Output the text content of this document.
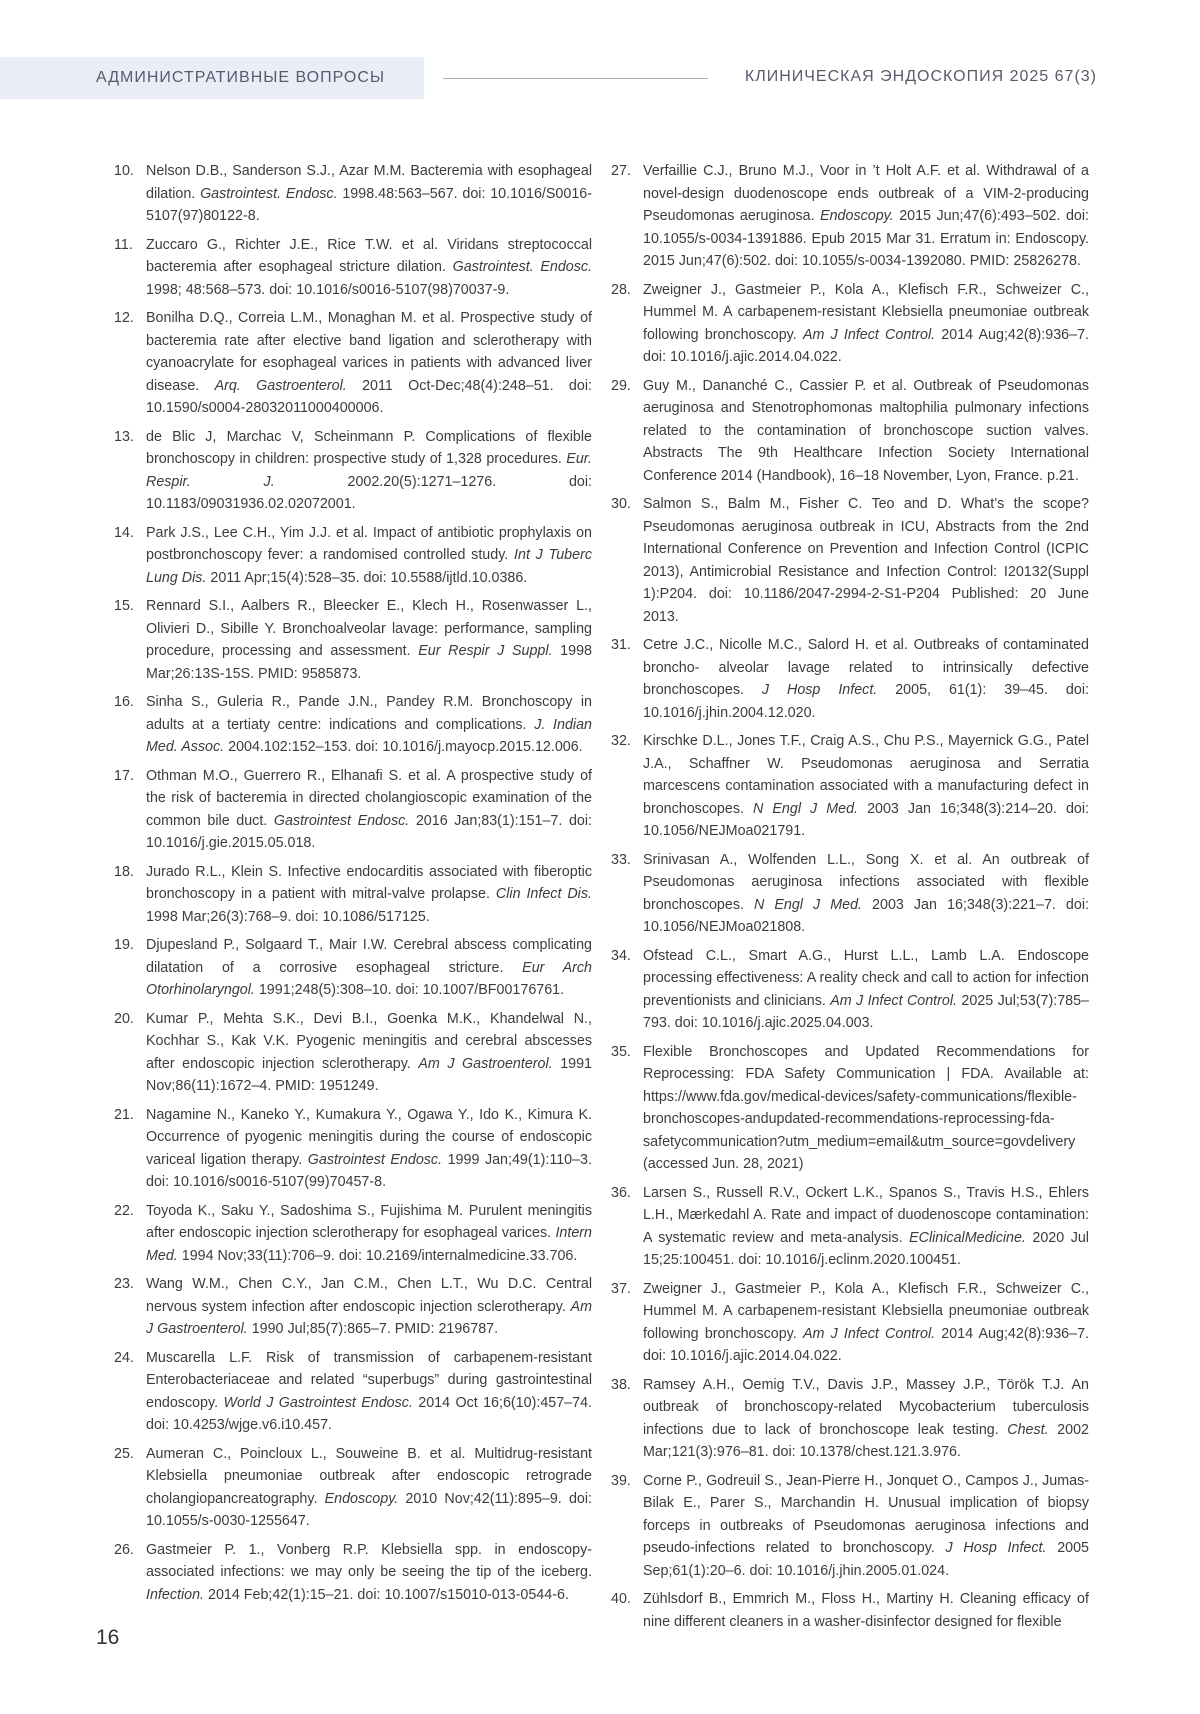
АДМИНИСТРАТИВНЫЕ ВОПРОСЫ	КЛИНИЧЕСКАЯ ЭНДОСКОПИЯ 2025 67(3)
10. Nelson D.B., Sanderson S.J., Azar M.M. Bacteremia with esophageal dilation. Gastrointest. Endosc. 1998.48:563–567. doi: 10.1016/S0016-5107(97)80122-8.
11. Zuccaro G., Richter J.E., Rice T.W. et al. Viridans streptococcal bacteremia after esophageal stricture dilation. Gastrointest. Endosc. 1998; 48:568–573. doi: 10.1016/s0016-5107(98)70037-9.
12. Bonilha D.Q., Correia L.M., Monaghan M. et al. Prospective study of bacteremia rate after elective band ligation and sclerotherapy with cyanoacrylate for esophageal varices in patients with advanced liver disease. Arq. Gastroenterol. 2011 Oct-Dec;48(4):248–51. doi: 10.1590/s0004-28032011000400006.
13. de Blic J, Marchac V, Scheinmann P. Complications of flexible bronchoscopy in children: prospective study of 1,328 procedures. Eur. Respir. J. 2002.20(5):1271–1276. doi: 10.1183/09031936.02.02072001.
14. Park J.S., Lee C.H., Yim J.J. et al. Impact of antibiotic prophylaxis on postbronchoscopy fever: a randomised controlled study. Int J Tuberc Lung Dis. 2011 Apr;15(4):528–35. doi: 10.5588/ijtld.10.0386.
15. Rennard S.I., Aalbers R., Bleecker E., Klech H., Rosenwasser L., Olivieri D., Sibille Y. Bronchoalveolar lavage: performance, sampling procedure, processing and assessment. Eur Respir J Suppl. 1998 Mar;26:13S-15S. PMID: 9585873.
16. Sinha S., Guleria R., Pande J.N., Pandey R.M. Bronchoscopy in adults at a tertiaty centre: indications and complications. J. Indian Med. Assoc. 2004.102:152–153. doi: 10.1016/j.mayocp.2015.12.006.
17. Othman M.O., Guerrero R., Elhanafi S. et al. A prospective study of the risk of bacteremia in directed cholangioscopic examination of the common bile duct. Gastrointest Endosc. 2016 Jan;83(1):151–7. doi: 10.1016/j.gie.2015.05.018.
18. Jurado R.L., Klein S. Infective endocarditis associated with fiberoptic bronchoscopy in a patient with mitral-valve prolapse. Clin Infect Dis. 1998 Mar;26(3):768–9. doi: 10.1086/517125.
19. Djupesland P., Solgaard T., Mair I.W. Cerebral abscess complicating dilatation of a corrosive esophageal stricture. Eur Arch Otorhinolaryngol. 1991;248(5):308–10. doi: 10.1007/BF00176761.
20. Kumar P., Mehta S.K., Devi B.I., Goenka M.K., Khandelwal N., Kochhar S., Kak V.K. Pyogenic meningitis and cerebral abscesses after endoscopic injection sclerotherapy. Am J Gastroenterol. 1991 Nov;86(11):1672–4. PMID: 1951249.
21. Nagamine N., Kaneko Y., Kumakura Y., Ogawa Y., Ido K., Kimura K. Occurrence of pyogenic meningitis during the course of endoscopic variceal ligation therapy. Gastrointest Endosc. 1999 Jan;49(1):110–3. doi: 10.1016/s0016-5107(99)70457-8.
22. Toyoda K., Saku Y., Sadoshima S., Fujishima M. Purulent meningitis after endoscopic injection sclerotherapy for esophageal varices. Intern Med. 1994 Nov;33(11):706–9. doi: 10.2169/internalmedicine.33.706.
23. Wang W.M., Chen C.Y., Jan C.M., Chen L.T., Wu D.C. Central nervous system infection after endoscopic injection sclerotherapy. Am J Gastroenterol. 1990 Jul;85(7):865–7. PMID: 2196787.
24. Muscarella L.F. Risk of transmission of carbapenem-resistant Enterobacteriaceae and related “superbugs” during gastrointestinal endoscopy. World J Gastrointest Endosc. 2014 Oct 16;6(10):457–74. doi: 10.4253/wjge.v6.i10.457.
25. Aumeran C., Poincloux L., Souweine B. et al. Multidrug-resistant Klebsiella pneumoniae outbreak after endoscopic retrograde cholangiopancreatography. Endoscopy. 2010 Nov;42(11):895–9. doi: 10.1055/s-0030-1255647.
26. Gastmeier P. 1., Vonberg R.P. Klebsiella spp. in endoscopy-associated infections: we may only be seeing the tip of the iceberg. Infection. 2014 Feb;42(1):15–21. doi: 10.1007/s15010-013-0544-6.
27. Verfaillie C.J., Bruno M.J., Voor in ’t Holt A.F. et al. Withdrawal of a novel-design duodenoscope ends outbreak of a VIM-2-producing Pseudomonas aeruginosa. Endoscopy. 2015 Jun;47(6):493–502. doi: 10.1055/s-0034-1391886. Epub 2015 Mar 31. Erratum in: Endoscopy. 2015 Jun;47(6):502. doi: 10.1055/s-0034-1392080. PMID: 25826278.
28. Zweigner J., Gastmeier P., Kola A., Klefisch F.R., Schweizer C., Hummel M. A carbapenem-resistant Klebsiella pneumoniae outbreak following bronchoscopy. Am J Infect Control. 2014 Aug;42(8):936–7. doi: 10.1016/j.ajic.2014.04.022.
29. Guy M., Dananché C., Cassier P. et al. Outbreak of Pseudomonas aeruginosa and Stenotrophomonas maltophilia pulmonary infections related to the contamination of bronchoscope suction valves. Abstracts The 9th Healthcare Infection Society International Conference 2014 (Handbook), 16–18 November, Lyon, France. p.21.
30. Salmon S., Balm M., Fisher C. Teo and D. What’s the scope? Pseudomonas aeruginosa outbreak in ICU, Abstracts from the 2nd International Conference on Prevention and Infection Control (ICPIC 2013), Antimicrobial Resistance and Infection Control: I20132(Suppl 1):P204. doi: 10.1186/2047-2994-2-S1-P204 Published: 20 June 2013.
31. Cetre J.C., Nicolle M.C., Salord H. et al. Outbreaks of contaminated broncho- alveolar lavage related to intrinsically defective bronchoscopes. J Hosp Infect. 2005, 61(1): 39–45. doi: 10.1016/j.jhin.2004.12.020.
32. Kirschke D.L., Jones T.F., Craig A.S., Chu P.S., Mayernick G.G., Patel J.A., Schaffner W. Pseudomonas aeruginosa and Serratia marcescens contamination associated with a manufacturing defect in bronchoscopes. N Engl J Med. 2003 Jan 16;348(3):214–20. doi: 10.1056/NEJMoa021791.
33. Srinivasan A., Wolfenden L.L., Song X. et al. An outbreak of Pseudomonas aeruginosa infections associated with flexible bronchoscopes. N Engl J Med. 2003 Jan 16;348(3):221–7. doi: 10.1056/NEJMoa021808.
34. Ofstead C.L., Smart A.G., Hurst L.L., Lamb L.A. Endoscope processing effectiveness: A reality check and call to action for infection preventionists and clinicians. Am J Infect Control. 2025 Jul;53(7):785–793. doi: 10.1016/j.ajic.2025.04.003.
35. Flexible Bronchoscopes and Updated Recommendations for Reprocessing: FDA Safety Communication | FDA. Available at: https://www.fda.gov/medical-devices/safety-communications/flexible-bronchoscopes-andupdated-recommendations-reprocessing-fda-safetycommunication?utm_medium=email&utm_source=govdelivery (accessed Jun. 28, 2021)
36. Larsen S., Russell R.V., Ockert L.K., Spanos S., Travis H.S., Ehlers L.H., Mærkedahl A. Rate and impact of duodenoscope contamination: A systematic review and meta-analysis. EClinicalMedicine. 2020 Jul 15;25:100451. doi: 10.1016/j.eclinm.2020.100451.
37. Zweigner J., Gastmeier P., Kola A., Klefisch F.R., Schweizer C., Hummel M. A carbapenem-resistant Klebsiella pneumoniae outbreak following bronchoscopy. Am J Infect Control. 2014 Aug;42(8):936–7. doi: 10.1016/j.ajic.2014.04.022.
38. Ramsey A.H., Oemig T.V., Davis J.P., Massey J.P., Török T.J. An outbreak of bronchoscopy-related Mycobacterium tuberculosis infections due to lack of bronchoscope leak testing. Chest. 2002 Mar;121(3):976–81. doi: 10.1378/chest.121.3.976.
39. Corne P., Godreuil S., Jean-Pierre H., Jonquet O., Campos J., Jumas-Bilak E., Parer S., Marchandin H. Unusual implication of biopsy forceps in outbreaks of Pseudomonas aeruginosa infections and pseudo-infections related to bronchoscopy. J Hosp Infect. 2005 Sep;61(1):20–6. doi: 10.1016/j.jhin.2005.01.024.
40. Zühlsdorf B., Emmrich M., Floss H., Martiny H. Cleaning efficacy of nine different cleaners in a washer-disinfector designed for flexible
16
